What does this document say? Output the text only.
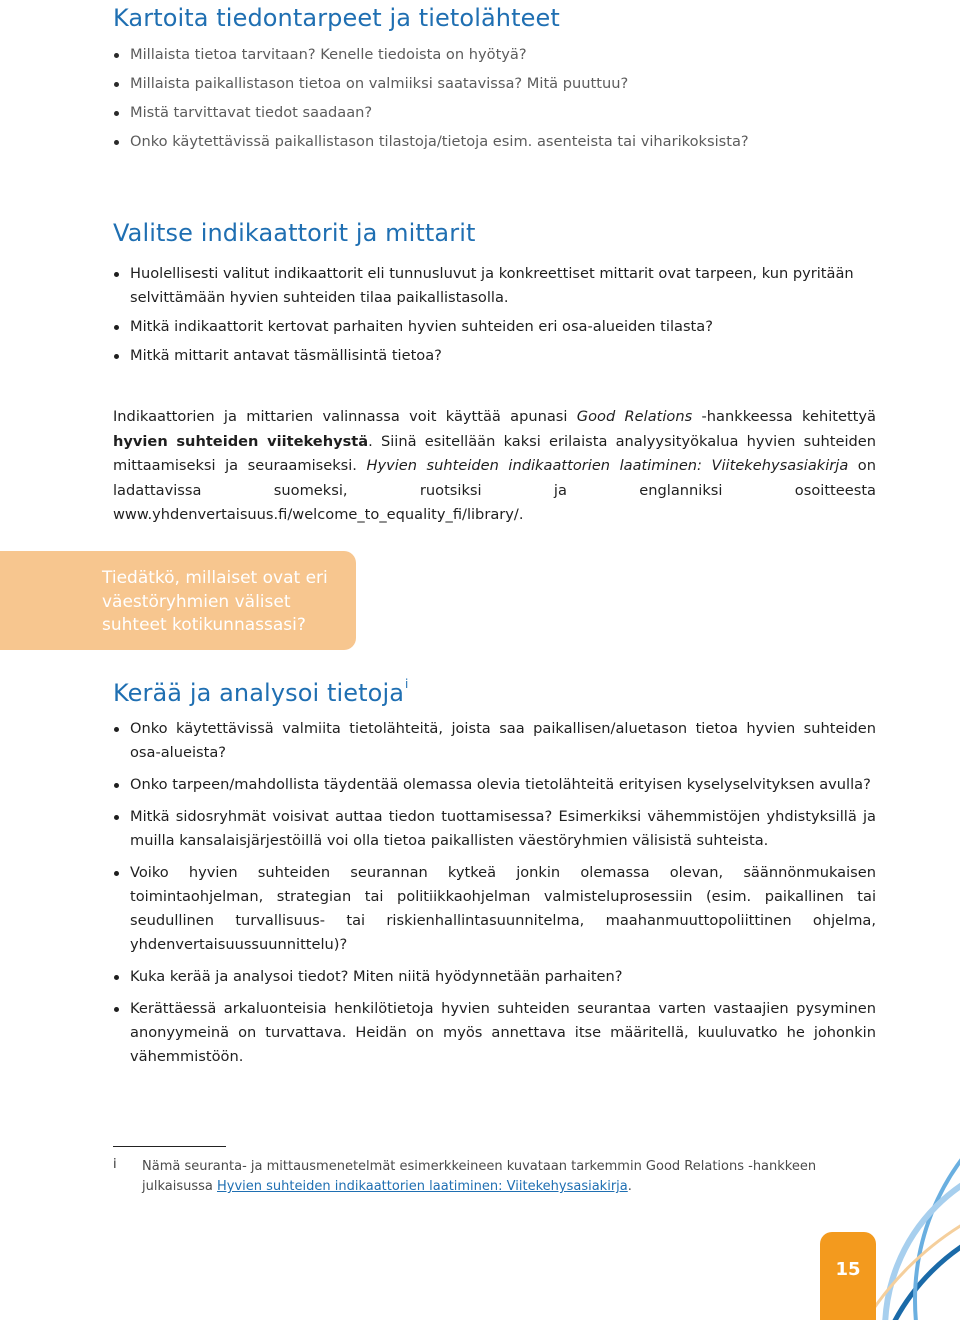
Kartoita tiedontarpeet ja tietolähteet
Millaista tietoa tarvitaan? Kenelle tiedoista on hyötyä?
Millaista paikallistason tietoa on valmiiksi saatavissa? Mitä puuttuu?
Mistä tarvittavat tiedot saadaan?
Onko käytettävissä paikallistason tilastoja/tietoja esim. asenteista tai viharikoksista?
Valitse indikaattorit ja mittarit
Huolellisesti valitut indikaattorit eli tunnusluvut ja konkreettiset mittarit ovat tarpeen, kun pyritään selvittämään hyvien suhteiden tilaa paikallistasolla.
Mitkä indikaattorit kertovat parhaiten hyvien suhteiden eri osa-alueiden tilasta?
Mitkä mittarit antavat täsmällisintä tietoa?

Indikaattorien ja mittarien valinnassa voit käyttää apunasi Good Relations -hankkeessa kehitettyä hyvien suhteiden viitekehystä. Siinä esitellään kaksi erilaista analyysityökalua hyvien suhteiden mittaamiseksi ja seuraamiseksi. Hyvien suhteiden indikaattorien laatiminen: Viitekehysasiakirja on ladattavissa suomeksi, ruotsiksi ja englanniksi osoitteesta www.yhdenvertaisuus.fi/welcome_to_equality_fi/library/.

Tiedätkö, millaiset ovat eri väestöryhmien väliset suhteet kotikunnassasi?

Kerää ja analysoi tietoja$^i$
Onko käytettävissä valmiita tietolähteitä, joista saa paikallisen/aluetason tietoa hyvien suhteiden osa-alueista?
Onko tarpeen/mahdollista täydentää olemassa olevia tietolähteitä erityisen kyselyselvityksen avulla?
Mitkä sidosryhmät voisivat auttaa tiedon tuottamisessa? Esimerkiksi vähemmistöjen yhdistyksillä ja muilla kansalaisjärjestöillä voi olla tietoa paikallisten väestöryhmien välisistä suhteista.
Voiko hyvien suhteiden seurannan kytkeä jonkin olemassa olevan, säännönmukaisen toimintaohjelman, strategian tai politiikkaohjelman valmisteluprosessiin (esim. paikallinen tai seudullinen turvallisuus- tai riskienhallintasuunnitelma, maahanmuuttopoliittinen ohjelma, yhdenvertaisuussuunnittelu)?
Kuka kerää ja analysoi tiedot? Miten niitä hyödynnetään parhaiten?
Kerättäessä arkaluonteisia henkilötietoja hyvien suhteiden seurantaa varten vastaajien pysyminen anonyymeinä on turvattava. Heidän on myös annettava itse määritellä, kuuluvatko he johonkin vähemmistöön.
i Nämä seuranta- ja mittausmenetelmät esimerkkeineen kuvataan tarkemmin Good Relations -hankkeen julkaisussa Hyvien suhteiden indikaattorien laatiminen: Viitekehysasiakirja.

15
